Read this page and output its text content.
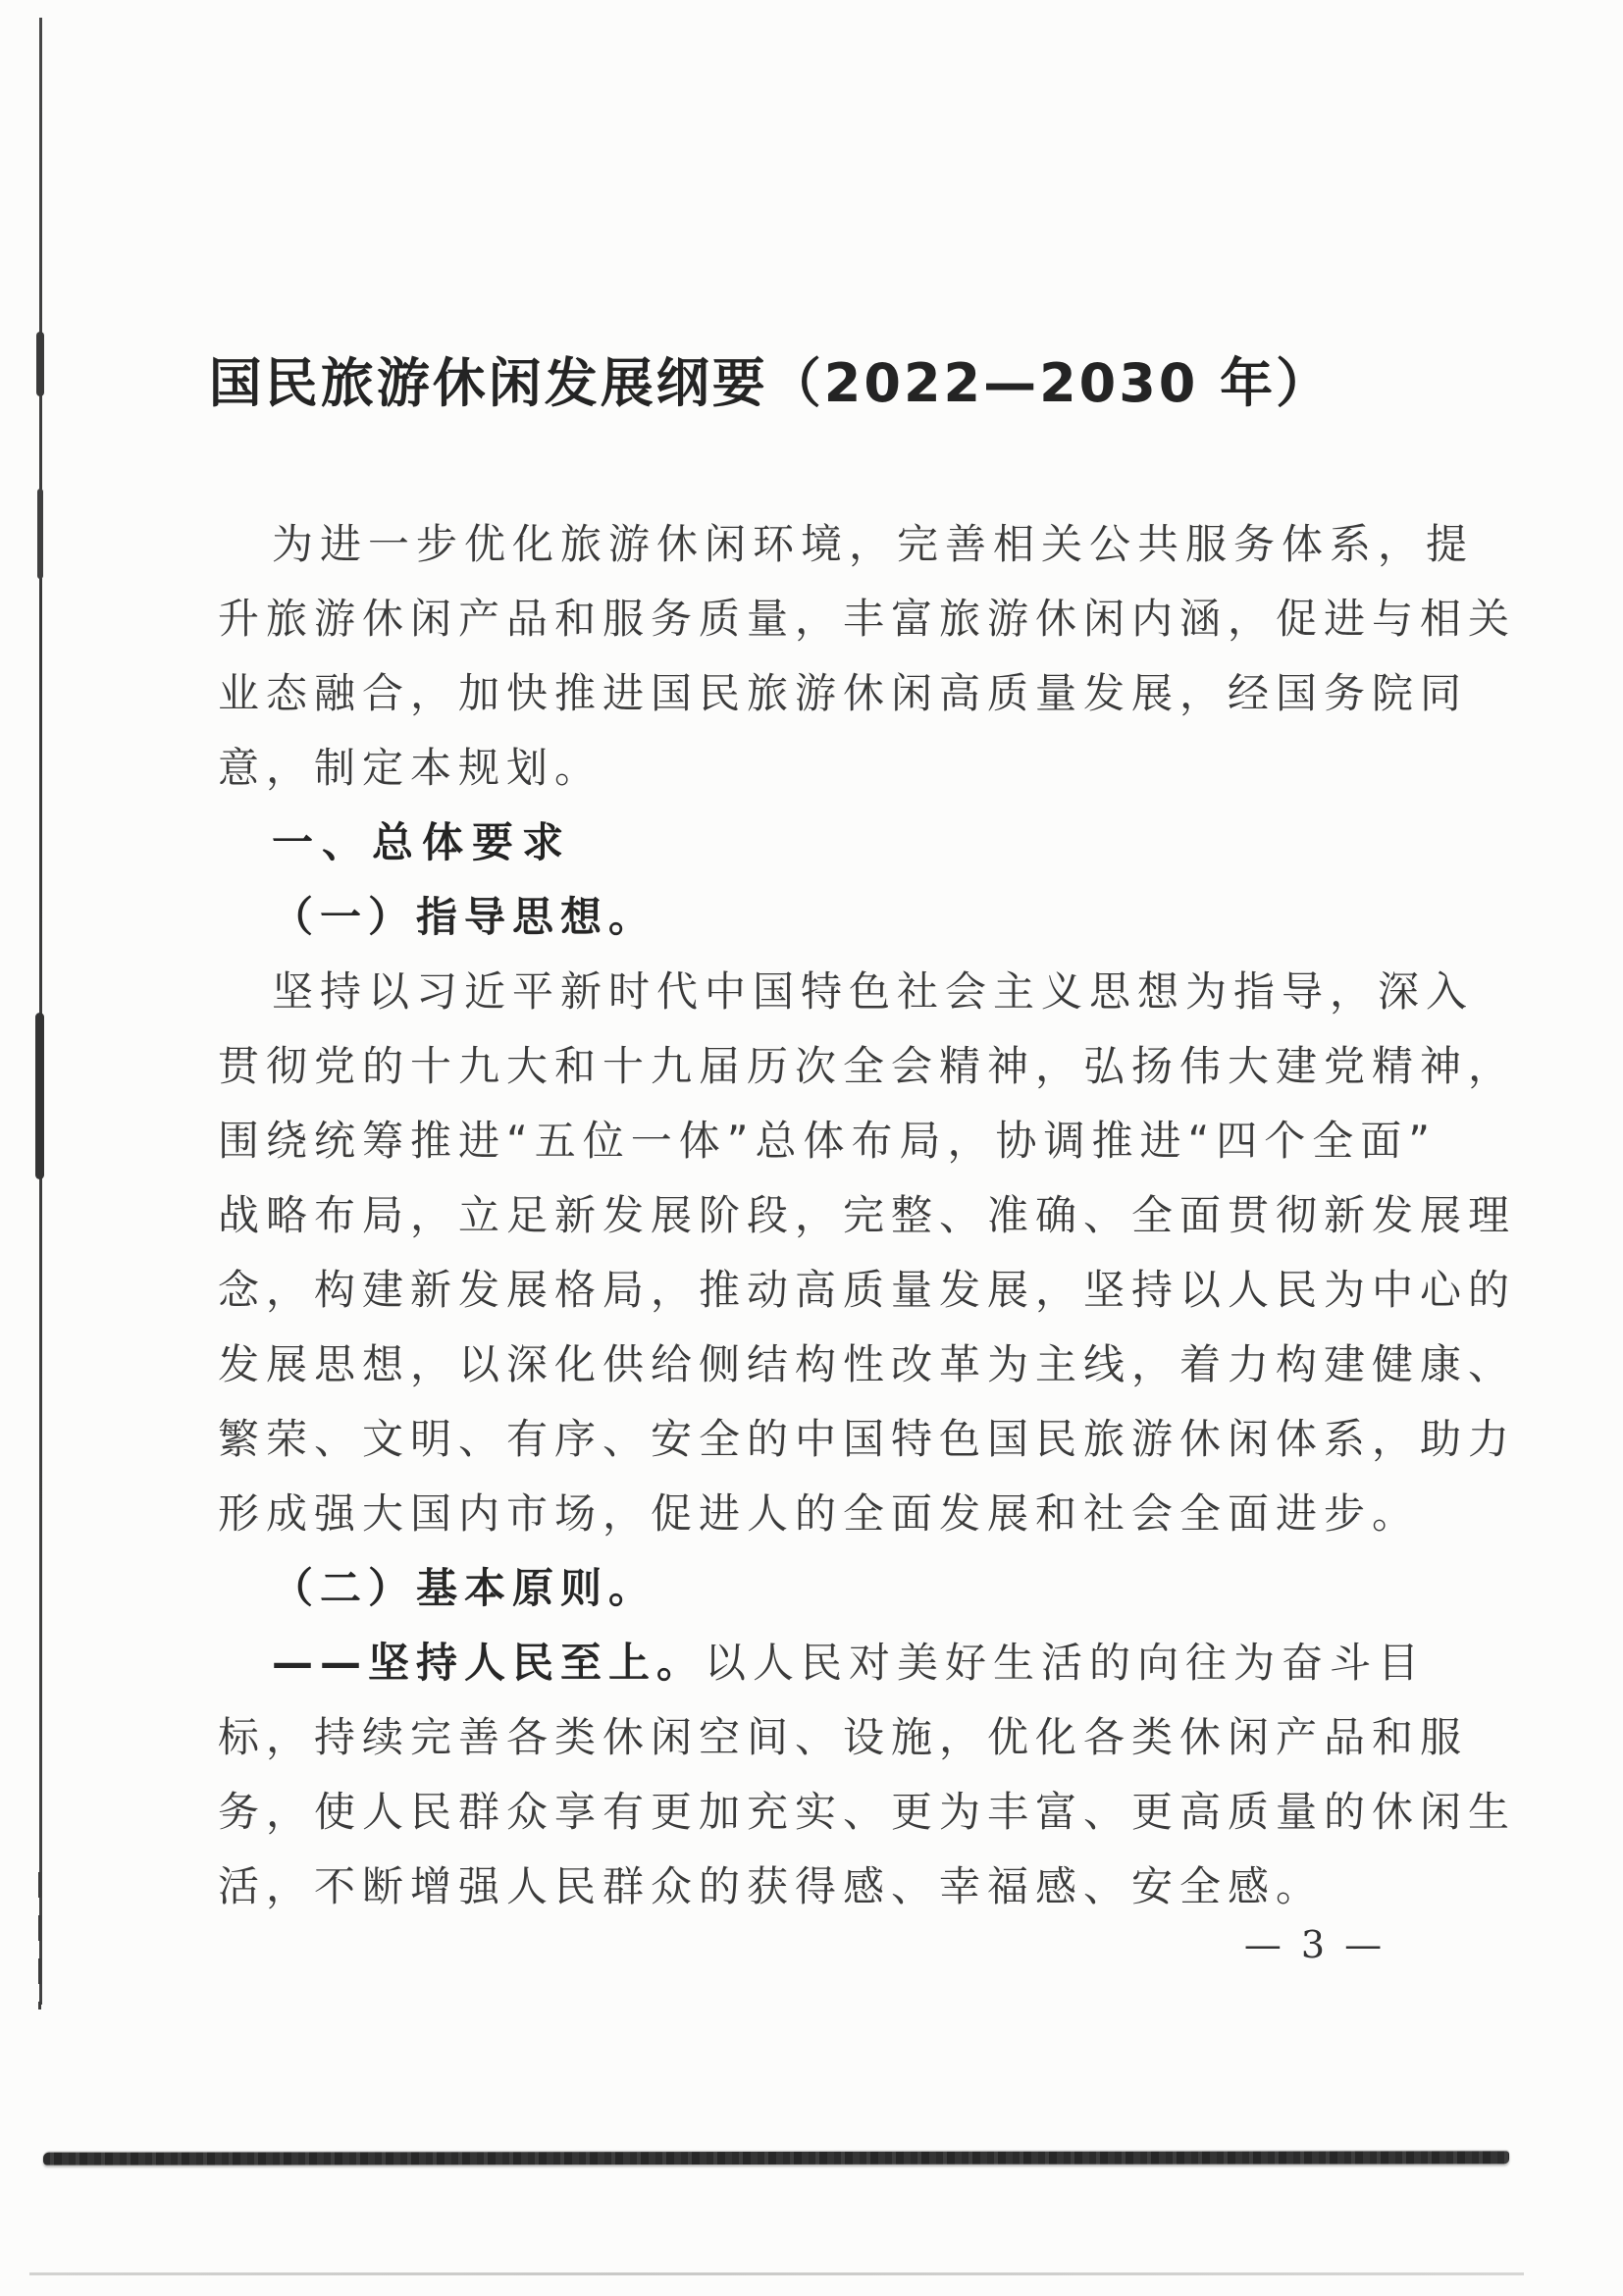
国民旅游休闲发展纲要（2022—2030 年）
为进一步优化旅游休闲环境，完善相关公共服务体系，提
升旅游休闲产品和服务质量，丰富旅游休闲内涵，促进与相关
业态融合，加快推进国民旅游休闲高质量发展，经国务院同
意，制定本规划。
一、总体要求
（一）指导思想。
坚持以习近平新时代中国特色社会主义思想为指导，深入
贯彻党的十九大和十九届历次全会精神，弘扬伟大建党精神，
围绕统筹推进“五位一体”总体布局，协调推进“四个全面”
战略布局，立足新发展阶段，完整、准确、全面贯彻新发展理
念，构建新发展格局，推动高质量发展，坚持以人民为中心的
发展思想，以深化供给侧结构性改革为主线，着力构建健康、
繁荣、文明、有序、安全的中国特色国民旅游休闲体系，助力
形成强大国内市场，促进人的全面发展和社会全面进步。
（二）基本原则。
——坚持人民至上。以人民对美好生活的向往为奋斗目
标，持续完善各类休闲空间、设施，优化各类休闲产品和服
务，使人民群众享有更加充实、更为丰富、更高质量的休闲生
活，不断增强人民群众的获得感、幸福感、安全感。
— 3 —
